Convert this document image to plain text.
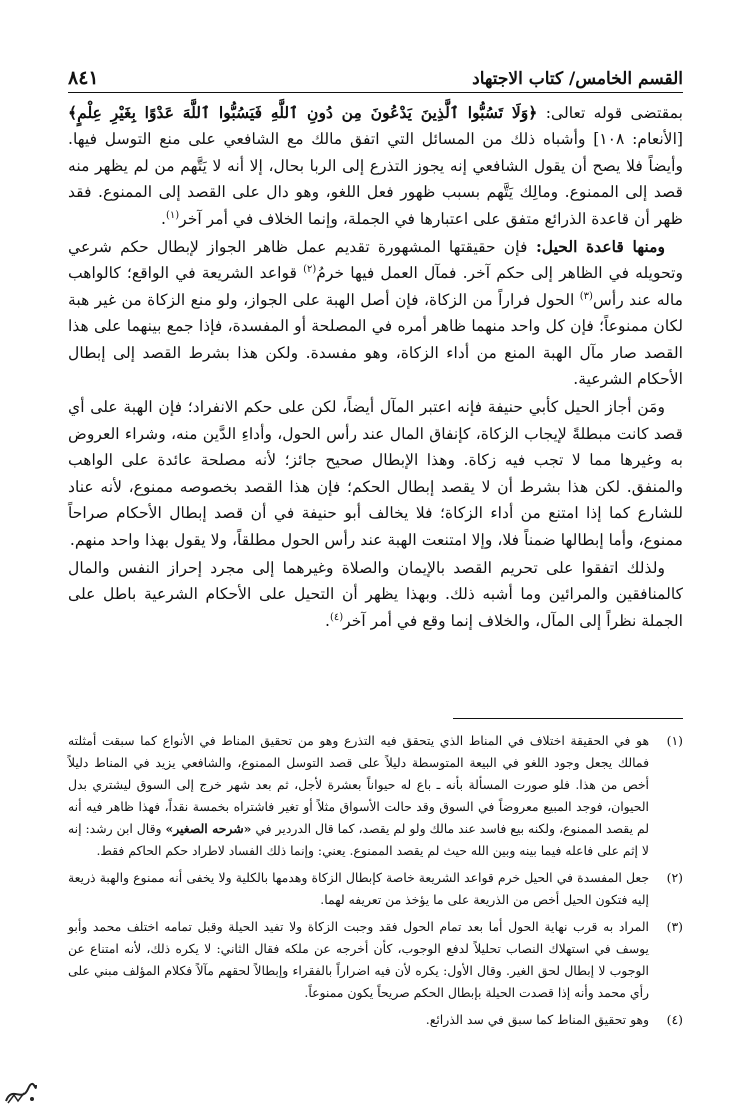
القسم الخامس/ كتاب الاجتهاد
٨٤١

بمقتضى قوله تعالى: ﴿وَلَا تَسُبُّوا ٱلَّذِينَ يَدْعُونَ مِن دُونِ ٱللَّهِ فَيَسُبُّوا ٱللَّهَ عَدْوًا بِغَيْرِ عِلْمٍ﴾ [الأنعام: ١٠٨] وأشباه ذلك من المسائل التي اتفق مالك مع الشافعي على منع التوسل فيها. وأيضاً فلا يصح أن يقول الشافعي إنه يجوز التذرع إلى الربا بحال، إلا أنه لا يَتَّهم من لم يظهر منه قصد إلى الممنوع. ومالِك يَتَّهم بسبب ظهور فعل اللغو، وهو دال على القصد إلى الممنوع. فقد ظهر أن قاعدة الذرائع متفق على اعتبارها في الجملة، وإنما الخلاف في أمر آخر$^{(١)}$.

ومنها قاعدة الحيل: فإن حقيقتها المشهورة تقديم عمل ظاهر الجواز لإبطال حكم شرعي وتحويله في الظاهر إلى حكم آخر. فمآل العمل فيها خرمُ$^{(٢)}$ قواعد الشريعة في الواقع؛ كالواهب ماله عند رأس$^{(٣)}$ الحول فراراً من الزكاة، فإن أصل الهبة على الجواز، ولو منع الزكاة من غير هبة لكان ممنوعاً؛ فإن كل واحد منهما ظاهر أمره في المصلحة أو المفسدة، فإذا جمع بينهما على هذا القصد صار مآل الهبة المنع من أداء الزكاة، وهو مفسدة. ولكن هذا بشرط القصد إلى إبطال الأحكام الشرعية.

ومَن أجاز الحيل كأبي حنيفة فإنه اعتبر المآل أيضاً، لكن على حكم الانفراد؛ فإن الهبة على أي قصد كانت مبطلةً لإيجاب الزكاة، كإنفاق المال عند رأس الحول، وأداءِ الدَّين منه، وشراء العروض به وغيرها مما لا تجب فيه زكاة. وهذا الإبطال صحيح جائز؛ لأنه مصلحة عائدة على الواهب والمنفق. لكن هذا بشرط أن لا يقصد إبطال الحكم؛ فإن هذا القصد بخصوصه ممنوع، لأنه عناد للشارع كما إذا امتنع من أداء الزكاة؛ فلا يخالف أبو حنيفة في أن قصد إبطال الأحكام صراحاً ممنوع، وأما إبطالها ضمناً فلا، وإلا امتنعت الهبة عند رأس الحول مطلقاً، ولا يقول بهذا واحد منهم.

ولذلك اتفقوا على تحريم القصد بالإيمان والصلاة وغيرهما إلى مجرد إحراز النفس والمال كالمنافقين والمرائين وما أشبه ذلك. وبهذا يظهر أن التحيل على الأحكام الشرعية باطل على الجملة نظراً إلى المآل، والخلاف إنما وقع في أمر آخر$^{(٤)}$.

(١)
هو في الحقيقة اختلاف في المناط الذي يتحقق فيه التذرع وهو من تحقيق المناط في الأنواع كما سبقت أمثلته فمالك يجعل وجود اللغو في البيعة المتوسطة دليلاً على قصد التوسل الممنوع، والشافعي يزيد في المناط دليلاً أخص من هذا. فلو صورت المسألة بأنه ـ باع له حيواناً بعشرة لأجل، ثم بعد شهر خرج إلى السوق ليشتري بدل الحيوان، فوجد المبيع معروضاً في السوق وقد حالت الأسواق مثلاً أو تغير فاشتراه بخمسة نقداً، فهذا ظاهر فيه أنه لم يقصد الممنوع، ولكنه بيع فاسد عند مالك ولو لم يقصد، كما قال الدردير في «شرحه الصغير» وقال ابن رشد: إنه لا إثم على فاعله فيما بينه وبين الله حيث لم يقصد الممنوع. يعني: وإنما ذلك الفساد لاطراد حكم الحاكم فقط.
(٢)
جعل المفسدة في الحيل خرم قواعد الشريعة خاصة كإبطال الزكاة وهدمها بالكلية ولا يخفى أنه ممنوع والهبة ذريعة إليه فتكون الحيل أخص من الذريعة على ما يؤخذ من تعريفه لهما.
(٣)
المراد به قرب نهاية الحول أما بعد تمام الحول فقد وجبت الزكاة ولا تفيد الحيلة وقبل تمامه اختلف محمد وأبو يوسف في استهلاك النصاب تحليلاً لدفع الوجوب، كأن أخرجه عن ملكه فقال الثاني: لا يكره ذلك، لأنه امتناع عن الوجوب لا إبطال لحق الغير. وقال الأول: يكره لأن فيه اضراراً بالفقراء وإبطالاً لحقهم مآلاً فكلام المؤلف مبني على رأي محمد وأنه إذا قصدت الحيلة بإبطال الحكم صريحاً يكون ممنوعاً.
(٤)
وهو تحقيق المناط كما سبق في سد الذرائع.
